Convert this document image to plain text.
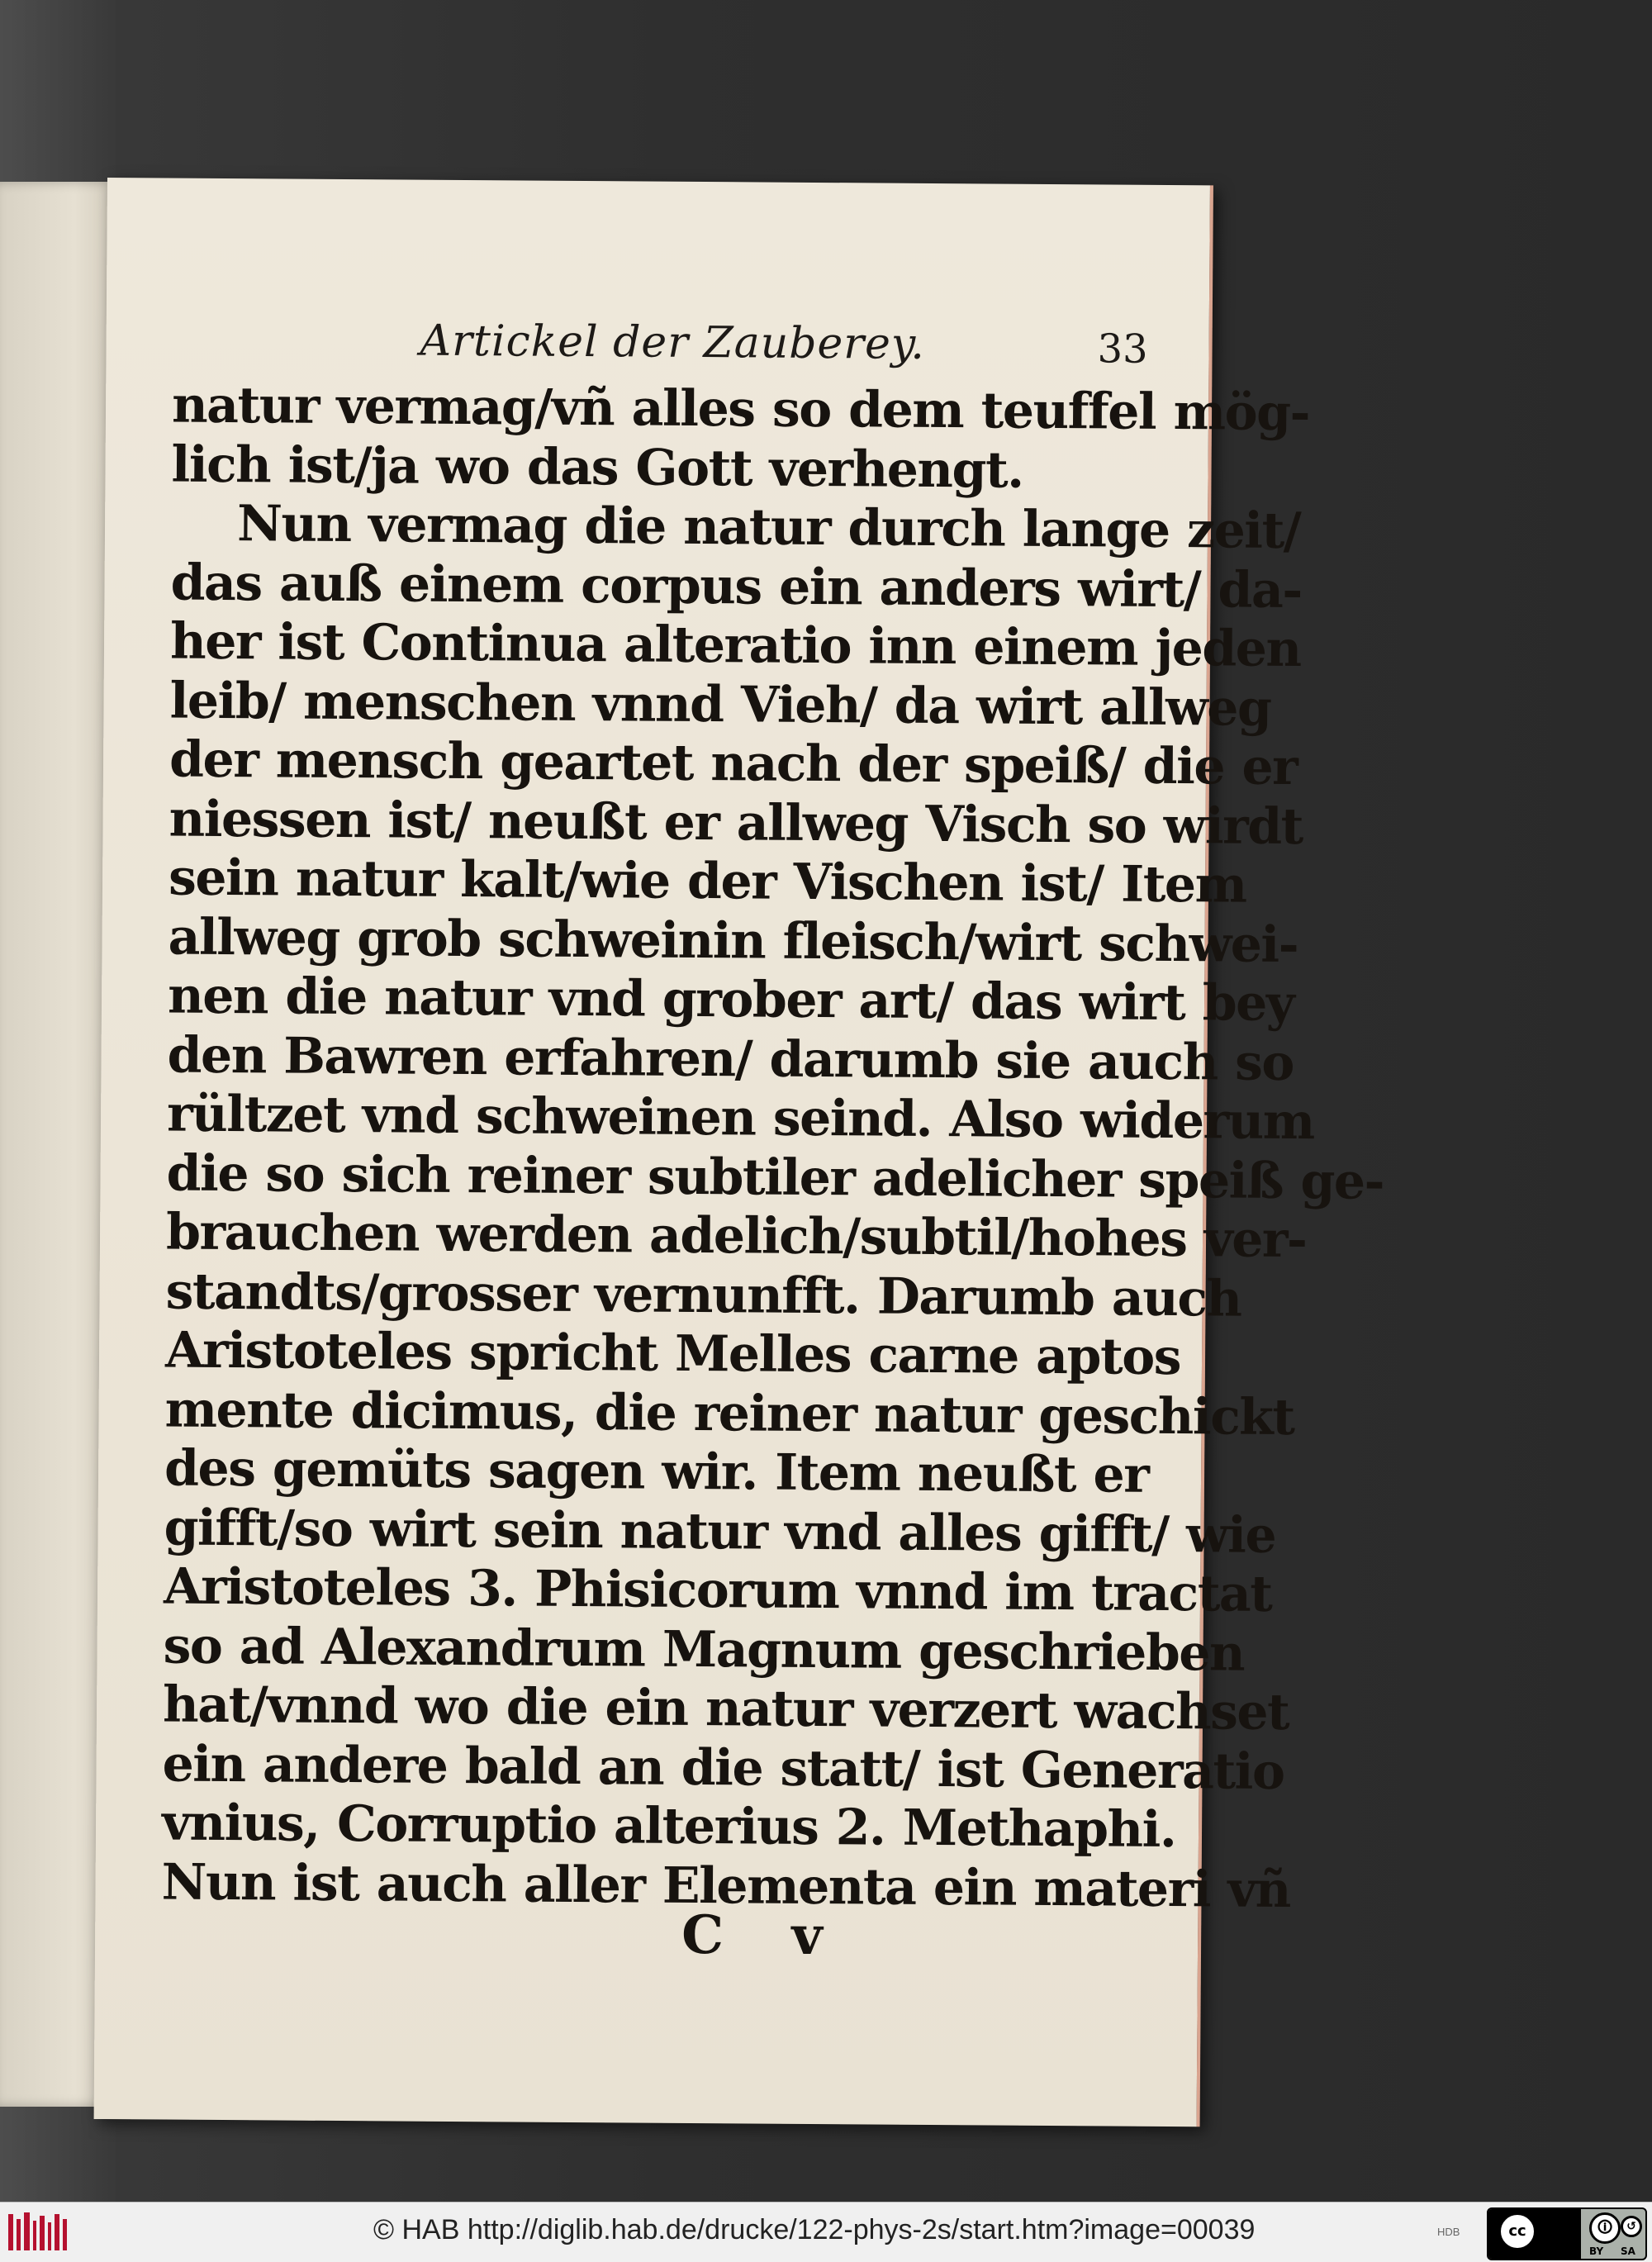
Artickel der Zauberey.	33
natur vermag/vñ alles so dem teuffel mög-
lich ist/ja wo das Gott verhengt.
Nun vermag die natur durch lange zeit/
das auß einem corpus ein anders wirt/ da-
her ist Continua alteratio inn einem jeden
leib/ menschen vnnd Vieh/ da wirt allweg
der mensch geartet nach der speiß/ die er
niessen ist/ neußt er allweg Visch so wirdt
sein natur kalt/wie der Vischen ist/ Item
allweg grob schweinin fleisch/wirt schwei-
nen die natur vnd grober art/ das wirt bey
den Bawren erfahren/ darumb sie auch so
rültzet vnd schweinen seind. Also widerum
die so sich reiner subtiler adelicher speiß ge-
brauchen werden adelich/subtil/hohes ver-
standts/grosser vernunfft. Darumb auch
Aristoteles spricht Melles carne aptos
mente dicimus, die reiner natur geschickt
des gemüts sagen wir. Item neußt er
gifft/so wirt sein natur vnd alles gifft/ wie
Aristoteles 3. Phisicorum vnnd im tractat
so ad Alexandrum Magnum geschrieben
hat/vnnd wo die ein natur verzert wachset
ein andere bald an die statt/ ist Generatio
vnius, Corruptio alterius 2. Methaphi.
Nun ist auch aller Elementa ein materi vñ
C v
© HAB http://diglib.hab.de/drucke/122-phys-2s/start.htm?image=00039	HDB	cc	🛈	↺
BY SA
